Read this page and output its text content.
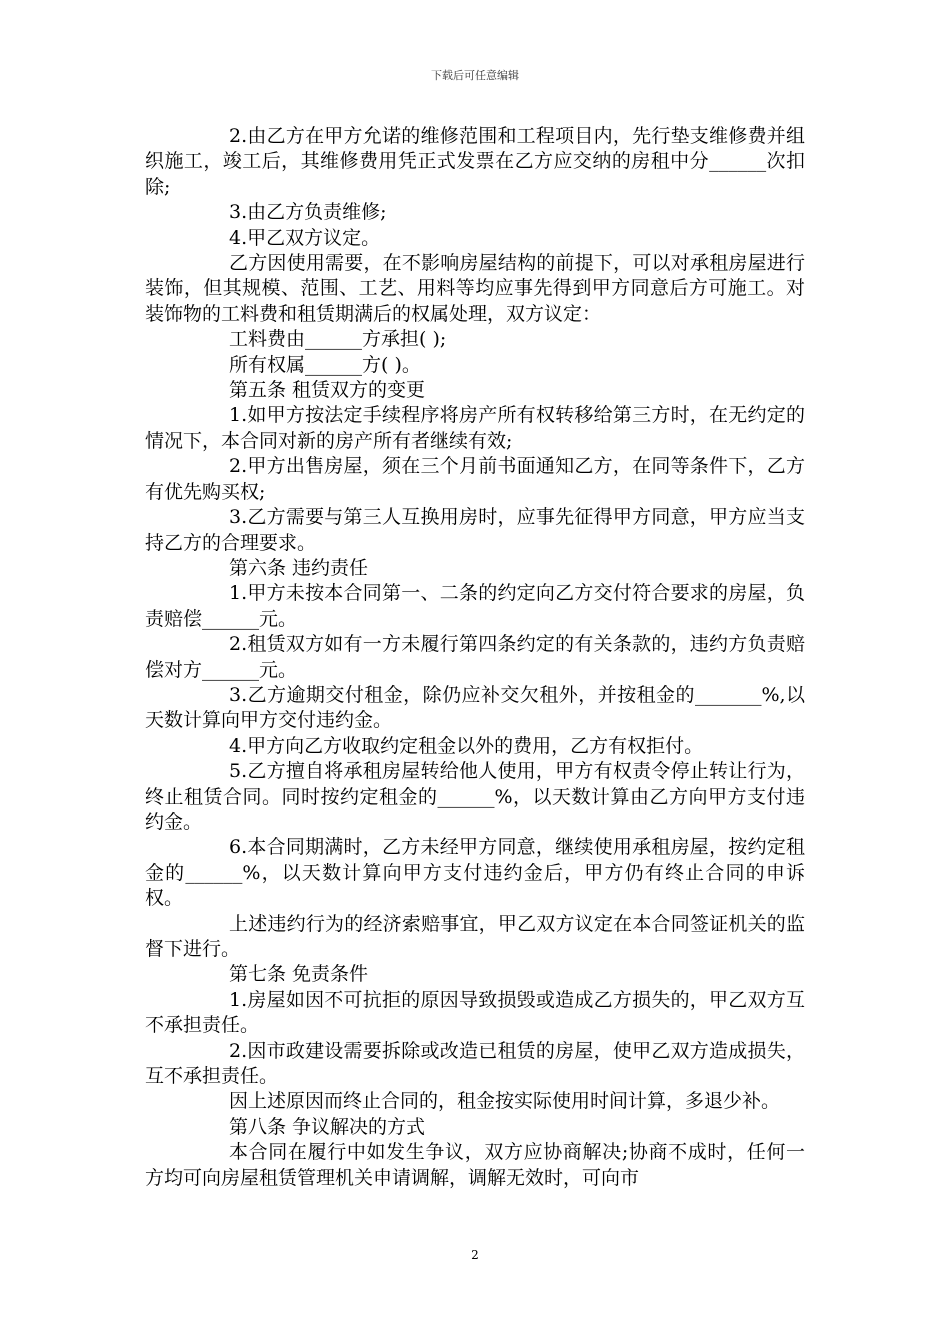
下载后可任意编辑

2.由乙方在甲方允诺的维修范围和工程项目内，先行垫支维修费并组织施工，竣工后，其维修费用凭正式发票在乙方应交纳的房租中分______次扣除;

3.由乙方负责维修;

4.甲乙双方议定。

乙方因使用需要，在不影响房屋结构的前提下，可以对承租房屋进行装饰，但其规模、范围、工艺、用料等均应事先得到甲方同意后方可施工。对装饰物的工料费和租赁期满后的权属处理，双方议定：

工料费由______方承担( );

所有权属______方( )。

第五条 租赁双方的变更

1.如甲方按法定手续程序将房产所有权转移给第三方时，在无约定的情况下，本合同对新的房产所有者继续有效;

2.甲方出售房屋，须在三个月前书面通知乙方，在同等条件下，乙方有优先购买权;

3.乙方需要与第三人互换用房时，应事先征得甲方同意，甲方应当支持乙方的合理要求。

第六条 违约责任

1.甲方未按本合同第一、二条的约定向乙方交付符合要求的房屋，负责赔偿______元。

2.租赁双方如有一方未履行第四条约定的有关条款的，违约方负责赔偿对方______元。

3.乙方逾期交付租金，除仍应补交欠租外，并按租金的_______%,以天数计算向甲方交付违约金。

4.甲方向乙方收取约定租金以外的费用，乙方有权拒付。

5.乙方擅自将承租房屋转给他人使用，甲方有权责令停止转让行为，终止租赁合同。同时按约定租金的______%，以天数计算由乙方向甲方支付违约金。

6.本合同期满时，乙方未经甲方同意，继续使用承租房屋，按约定租金的______%，以天数计算向甲方支付违约金后，甲方仍有终止合同的申诉权。

上述违约行为的经济索赔事宜，甲乙双方议定在本合同签证机关的监督下进行。

第七条 免责条件

1.房屋如因不可抗拒的原因导致损毁或造成乙方损失的，甲乙双方互不承担责任。

2.因市政建设需要拆除或改造已租赁的房屋，使甲乙双方造成损失，互不承担责任。

因上述原因而终止合同的，租金按实际使用时间计算，多退少补。

第八条 争议解决的方式

本合同在履行中如发生争议，双方应协商解决;协商不成时，任何一方均可向房屋租赁管理机关申请调解，调解无效时，可向市

2
